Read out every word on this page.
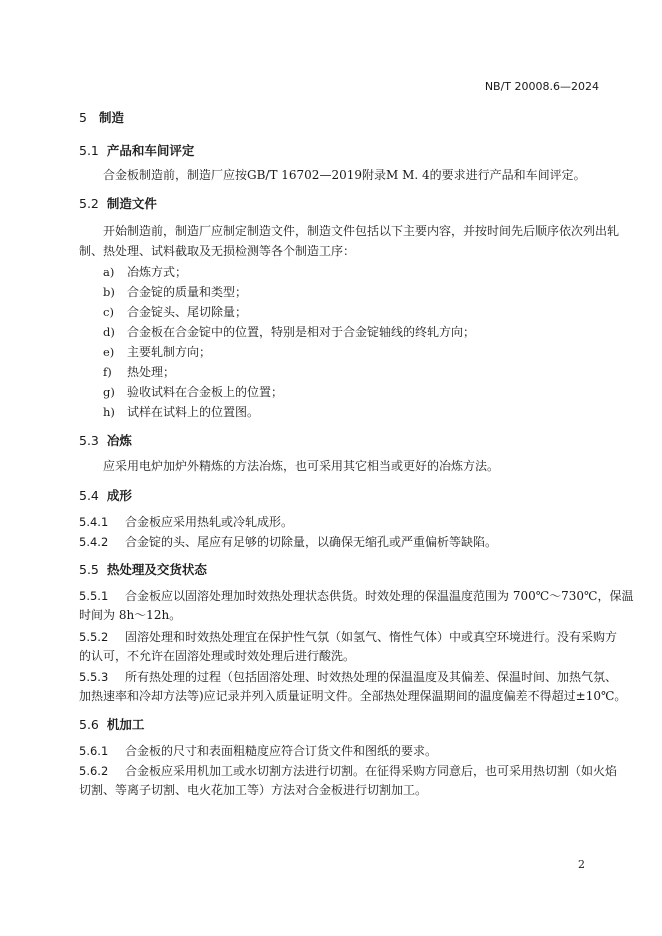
NB/T 20008.6—2024
5 制造
5.1 产品和车间评定
合金板制造前，制造厂应按GB/T 16702—2019附录M M. 4的要求进行产品和车间评定。
5.2 制造文件
开始制造前，制造厂应制定制造文件，制造文件包括以下主要内容，并按时间先后顺序依次列出轧
制、热处理、试料截取及无损检测等各个制造工序：
a) 冶炼方式；
b) 合金锭的质量和类型；
c) 合金锭头、尾切除量；
d) 合金板在合金锭中的位置，特别是相对于合金锭轴线的终轧方向；
e) 主要轧制方向；
f) 热处理；
g) 验收试料在合金板上的位置；
h) 试样在试料上的位置图。
5.3 冶炼
应采用电炉加炉外精炼的方法冶炼，也可采用其它相当或更好的冶炼方法。
5.4 成形
5.4.1 合金板应采用热轧或冷轧成形。
5.4.2 合金锭的头、尾应有足够的切除量，以确保无缩孔或严重偏析等缺陷。
5.5 热处理及交货状态
5.5.1 合金板应以固溶处理加时效热处理状态供货。时效处理的保温温度范围为 700℃～730℃，保温
时间为 8h～12h。
5.5.2 固溶处理和时效热处理宜在保护性气氛（如氢气、惰性气体）中或真空环境进行。没有采购方
的认可，不允许在固溶处理或时效处理后进行酸洗。
5.5.3 所有热处理的过程（包括固溶处理、时效热处理的保温温度及其偏差、保温时间、加热气氛、
加热速率和冷却方法等)应记录并列入质量证明文件。全部热处理保温期间的温度偏差不得超过±10℃。
5.6 机加工
5.6.1 合金板的尺寸和表面粗糙度应符合订货文件和图纸的要求。
5.6.2 合金板应采用机加工或水切割方法进行切割。在征得采购方同意后，也可采用热切割（如火焰
切割、等离子切割、电火花加工等）方法对合金板进行切割加工。
2
